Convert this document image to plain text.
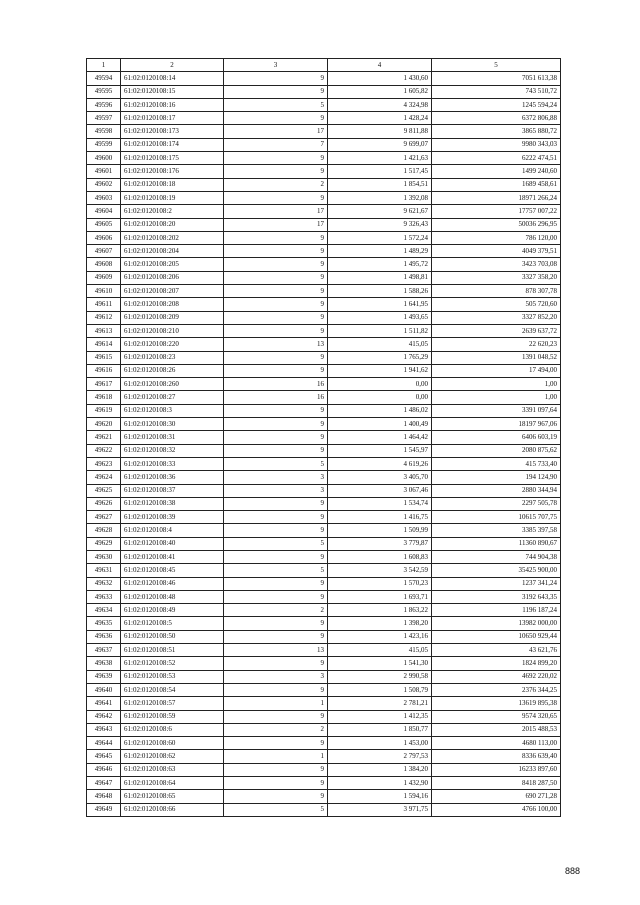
1	2	3	4	5
49594	61:02:0120108:14	9	1 430,60	7051 613,38
49595	61:02:0120108:15	9	1 605,82	743 510,72
49596	61:02:0120108:16	5	4 324,98	1245 594,24
49597	61:02:0120108:17	9	1 428,24	6372 806,88
49598	61:02:0120108:173	17	9 811,88	3865 880,72
49599	61:02:0120108:174	7	9 699,07	9980 343,03
49600	61:02:0120108:175	9	1 421,63	6222 474,51
49601	61:02:0120108:176	9	1 517,45	1499 240,60
49602	61:02:0120108:18	2	1 854,51	1689 458,61
49603	61:02:0120108:19	9	1 392,08	18971 266,24
49604	61:02:0120108:2	17	9 621,67	17757 007,22
49605	61:02:0120108:20	17	9 326,43	50036 296,95
49606	61:02:0120108:202	9	1 572,24	786 120,00
49607	61:02:0120108:204	9	1 489,29	4049 379,51
49608	61:02:0120108:205	9	1 495,72	3423 703,08
49609	61:02:0120108:206	9	1 498,81	3327 358,20
49610	61:02:0120108:207	9	1 588,26	878 307,78
49611	61:02:0120108:208	9	1 641,95	505 720,60
49612	61:02:0120108:209	9	1 493,65	3327 852,20
49613	61:02:0120108:210	9	1 511,82	2639 637,72
49614	61:02:0120108:220	13	415,05	22 620,23
49615	61:02:0120108:23	9	1 765,29	1391 048,52
49616	61:02:0120108:26	9	1 941,62	17 494,00
49617	61:02:0120108:260	16	0,00	1,00
49618	61:02:0120108:27	16	0,00	1,00
49619	61:02:0120108:3	9	1 486,02	3391 097,64
49620	61:02:0120108:30	9	1 400,49	18197 967,06
49621	61:02:0120108:31	9	1 464,42	6406 603,19
49622	61:02:0120108:32	9	1 545,97	2080 875,62
49623	61:02:0120108:33	5	4 619,26	415 733,40
49624	61:02:0120108:36	3	3 405,70	194 124,90
49625	61:02:0120108:37	3	3 067,46	2880 344,94
49626	61:02:0120108:38	9	1 534,74	2297 505,78
49627	61:02:0120108:39	9	1 416,75	10615 707,75
49628	61:02:0120108:4	9	1 509,99	3385 397,58
49629	61:02:0120108:40	5	3 779,87	11360 890,67
49630	61:02:0120108:41	9	1 608,83	744 904,38
49631	61:02:0120108:45	5	3 542,59	35425 900,00
49632	61:02:0120108:46	9	1 570,23	1237 341,24
49633	61:02:0120108:48	9	1 693,71	3192 643,35
49634	61:02:0120108:49	2	1 863,22	1196 187,24
49635	61:02:0120108:5	9	1 398,20	13982 000,00
49636	61:02:0120108:50	9	1 423,16	10650 929,44
49637	61:02:0120108:51	13	415,05	43 621,76
49638	61:02:0120108:52	9	1 541,30	1824 899,20
49639	61:02:0120108:53	3	2 990,58	4692 220,02
49640	61:02:0120108:54	9	1 508,79	2376 344,25
49641	61:02:0120108:57	1	2 781,21	13619 895,38
49642	61:02:0120108:59	9	1 412,35	9574 320,65
49643	61:02:0120108:6	2	1 850,77	2015 488,53
49644	61:02:0120108:60	9	1 453,00	4680 113,00
49645	61:02:0120108:62	1	2 797,53	8336 639,40
49646	61:02:0120108:63	9	1 384,20	16233 897,60
49647	61:02:0120108:64	9	1 432,90	8418 287,50
49648	61:02:0120108:65	9	1 594,16	690 271,28
49649	61:02:0120108:66	5	3 971,75	4766 100,00
888
